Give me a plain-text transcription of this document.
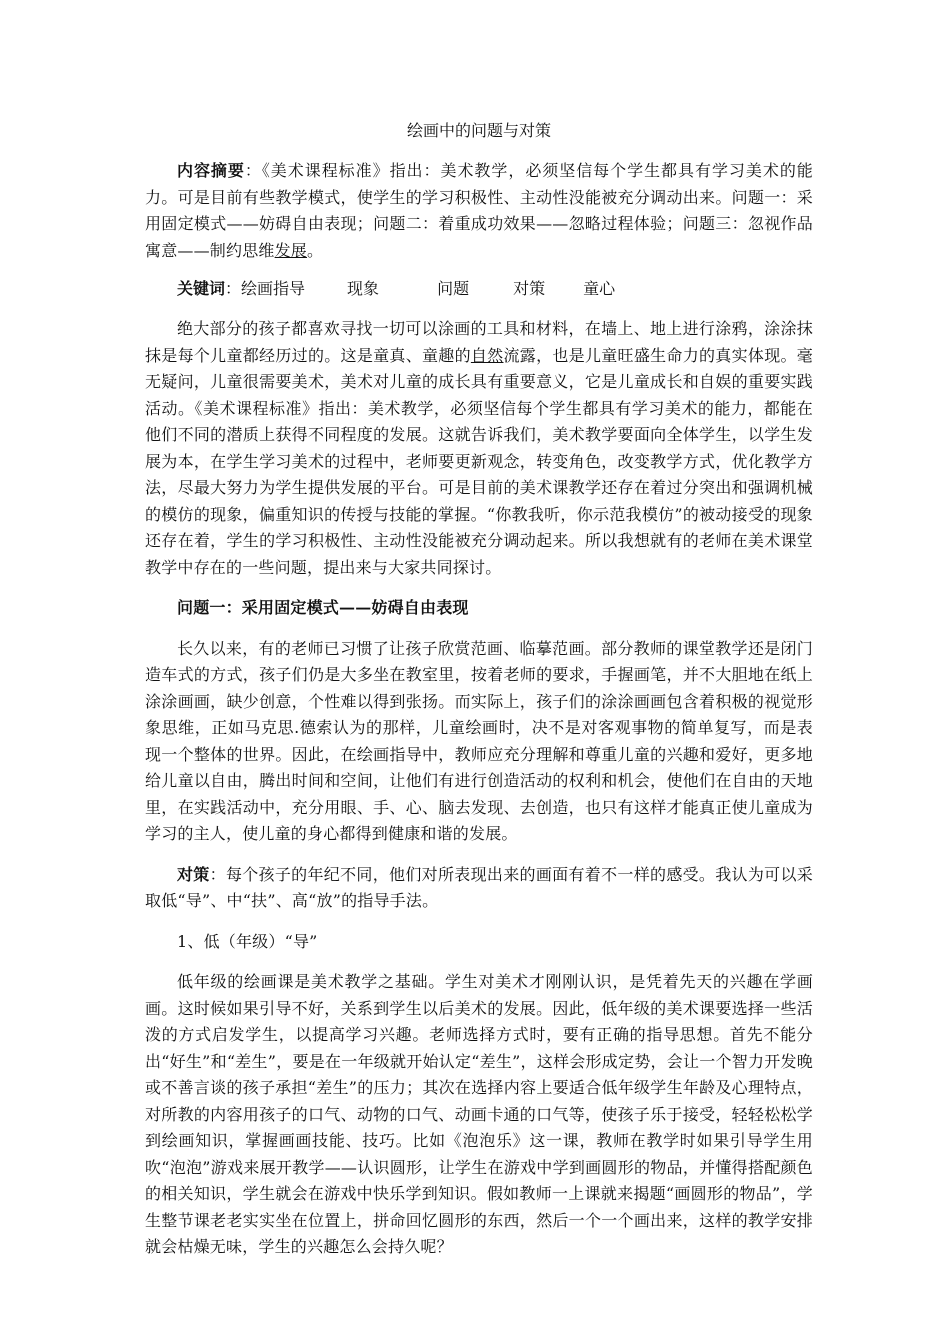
绘画中的问题与对策

内容摘要：《美术课程标准》指出：美术教学，必须坚信每个学生都具有学习美术的能力。可是目前有些教学模式，使学生的学习积极性、主动性没能被充分调动出来。问题一：采用固定模式——妨碍自由表现；问题二：着重成功效果——忽略过程体验；问题三：忽视作品寓意——制约思维发展。

关键词：绘画指导	现象	问题	对策 童心

绝大部分的孩子都喜欢寻找一切可以涂画的工具和材料，在墙上、地上进行涂鸦，涂涂抹抹是每个儿童都经历过的。这是童真、童趣的自然流露，也是儿童旺盛生命力的真实体现。毫无疑问，儿童很需要美术，美术对儿童的成长具有重要意义，它是儿童成长和自娱的重要实践活动。《美术课程标准》指出：美术教学，必须坚信每个学生都具有学习美术的能力，都能在他们不同的潜质上获得不同程度的发展。这就告诉我们，美术教学要面向全体学生，以学生发展为本，在学生学习美术的过程中，老师要更新观念，转变角色，改变教学方式，优化教学方法，尽最大努力为学生提供发展的平台。可是目前的美术课教学还存在着过分突出和强调机械的模仿的现象，偏重知识的传授与技能的掌握。“你教我听，你示范我模仿”的被动接受的现象还存在着，学生的学习积极性、主动性没能被充分调动起来。所以我想就有的老师在美术课堂教学中存在的一些问题，提出来与大家共同探讨。

问题一：采用固定模式——妨碍自由表现

长久以来，有的老师已习惯了让孩子欣赏范画、临摹范画。部分教师的课堂教学还是闭门造车式的方式，孩子们仍是大多坐在教室里，按着老师的要求，手握画笔，并不大胆地在纸上涂涂画画，缺少创意，个性难以得到张扬。而实际上，孩子们的涂涂画画包含着积极的视觉形象思维，正如马克思.德索认为的那样，儿童绘画时，决不是对客观事物的简单复写，而是表现一个整体的世界。因此，在绘画指导中，教师应充分理解和尊重儿童的兴趣和爱好，更多地给儿童以自由，腾出时间和空间，让他们有进行创造活动的权利和机会，使他们在自由的天地里，在实践活动中，充分用眼、手、心、脑去发现、去创造，也只有这样才能真正使儿童成为学习的主人，使儿童的身心都得到健康和谐的发展。

对策：每个孩子的年纪不同，他们对所表现出来的画面有着不一样的感受。我认为可以采取低“导”、中“扶”、高“放”的指导手法。

1、低（年级）“导”

低年级的绘画课是美术教学之基础。学生对美术才刚刚认识，是凭着先天的兴趣在学画画。这时候如果引导不好，关系到学生以后美术的发展。因此，低年级的美术课要选择一些活泼的方式启发学生，以提高学习兴趣。老师选择方式时，要有正确的指导思想。首先不能分出“好生”和“差生”，要是在一年级就开始认定“差生”，这样会形成定势，会让一个智力开发晚或不善言谈的孩子承担“差生”的压力；其次在选择内容上要适合低年级学生年龄及心理特点，对所教的内容用孩子的口气、动物的口气、动画卡通的口气等，使孩子乐于接受，轻轻松松学到绘画知识，掌握画画技能、技巧。比如《泡泡乐》这一课，教师在教学时如果引导学生用吹“泡泡”游戏来展开教学——认识圆形，让学生在游戏中学到画圆形的物品，并懂得搭配颜色的相关知识，学生就会在游戏中快乐学到知识。假如教师一上课就来揭题“画圆形的物品”，学生整节课老老实实坐在位置上，拼命回忆圆形的东西，然后一个一个画出来，这样的教学安排就会枯燥无味，学生的兴趣怎么会持久呢？
